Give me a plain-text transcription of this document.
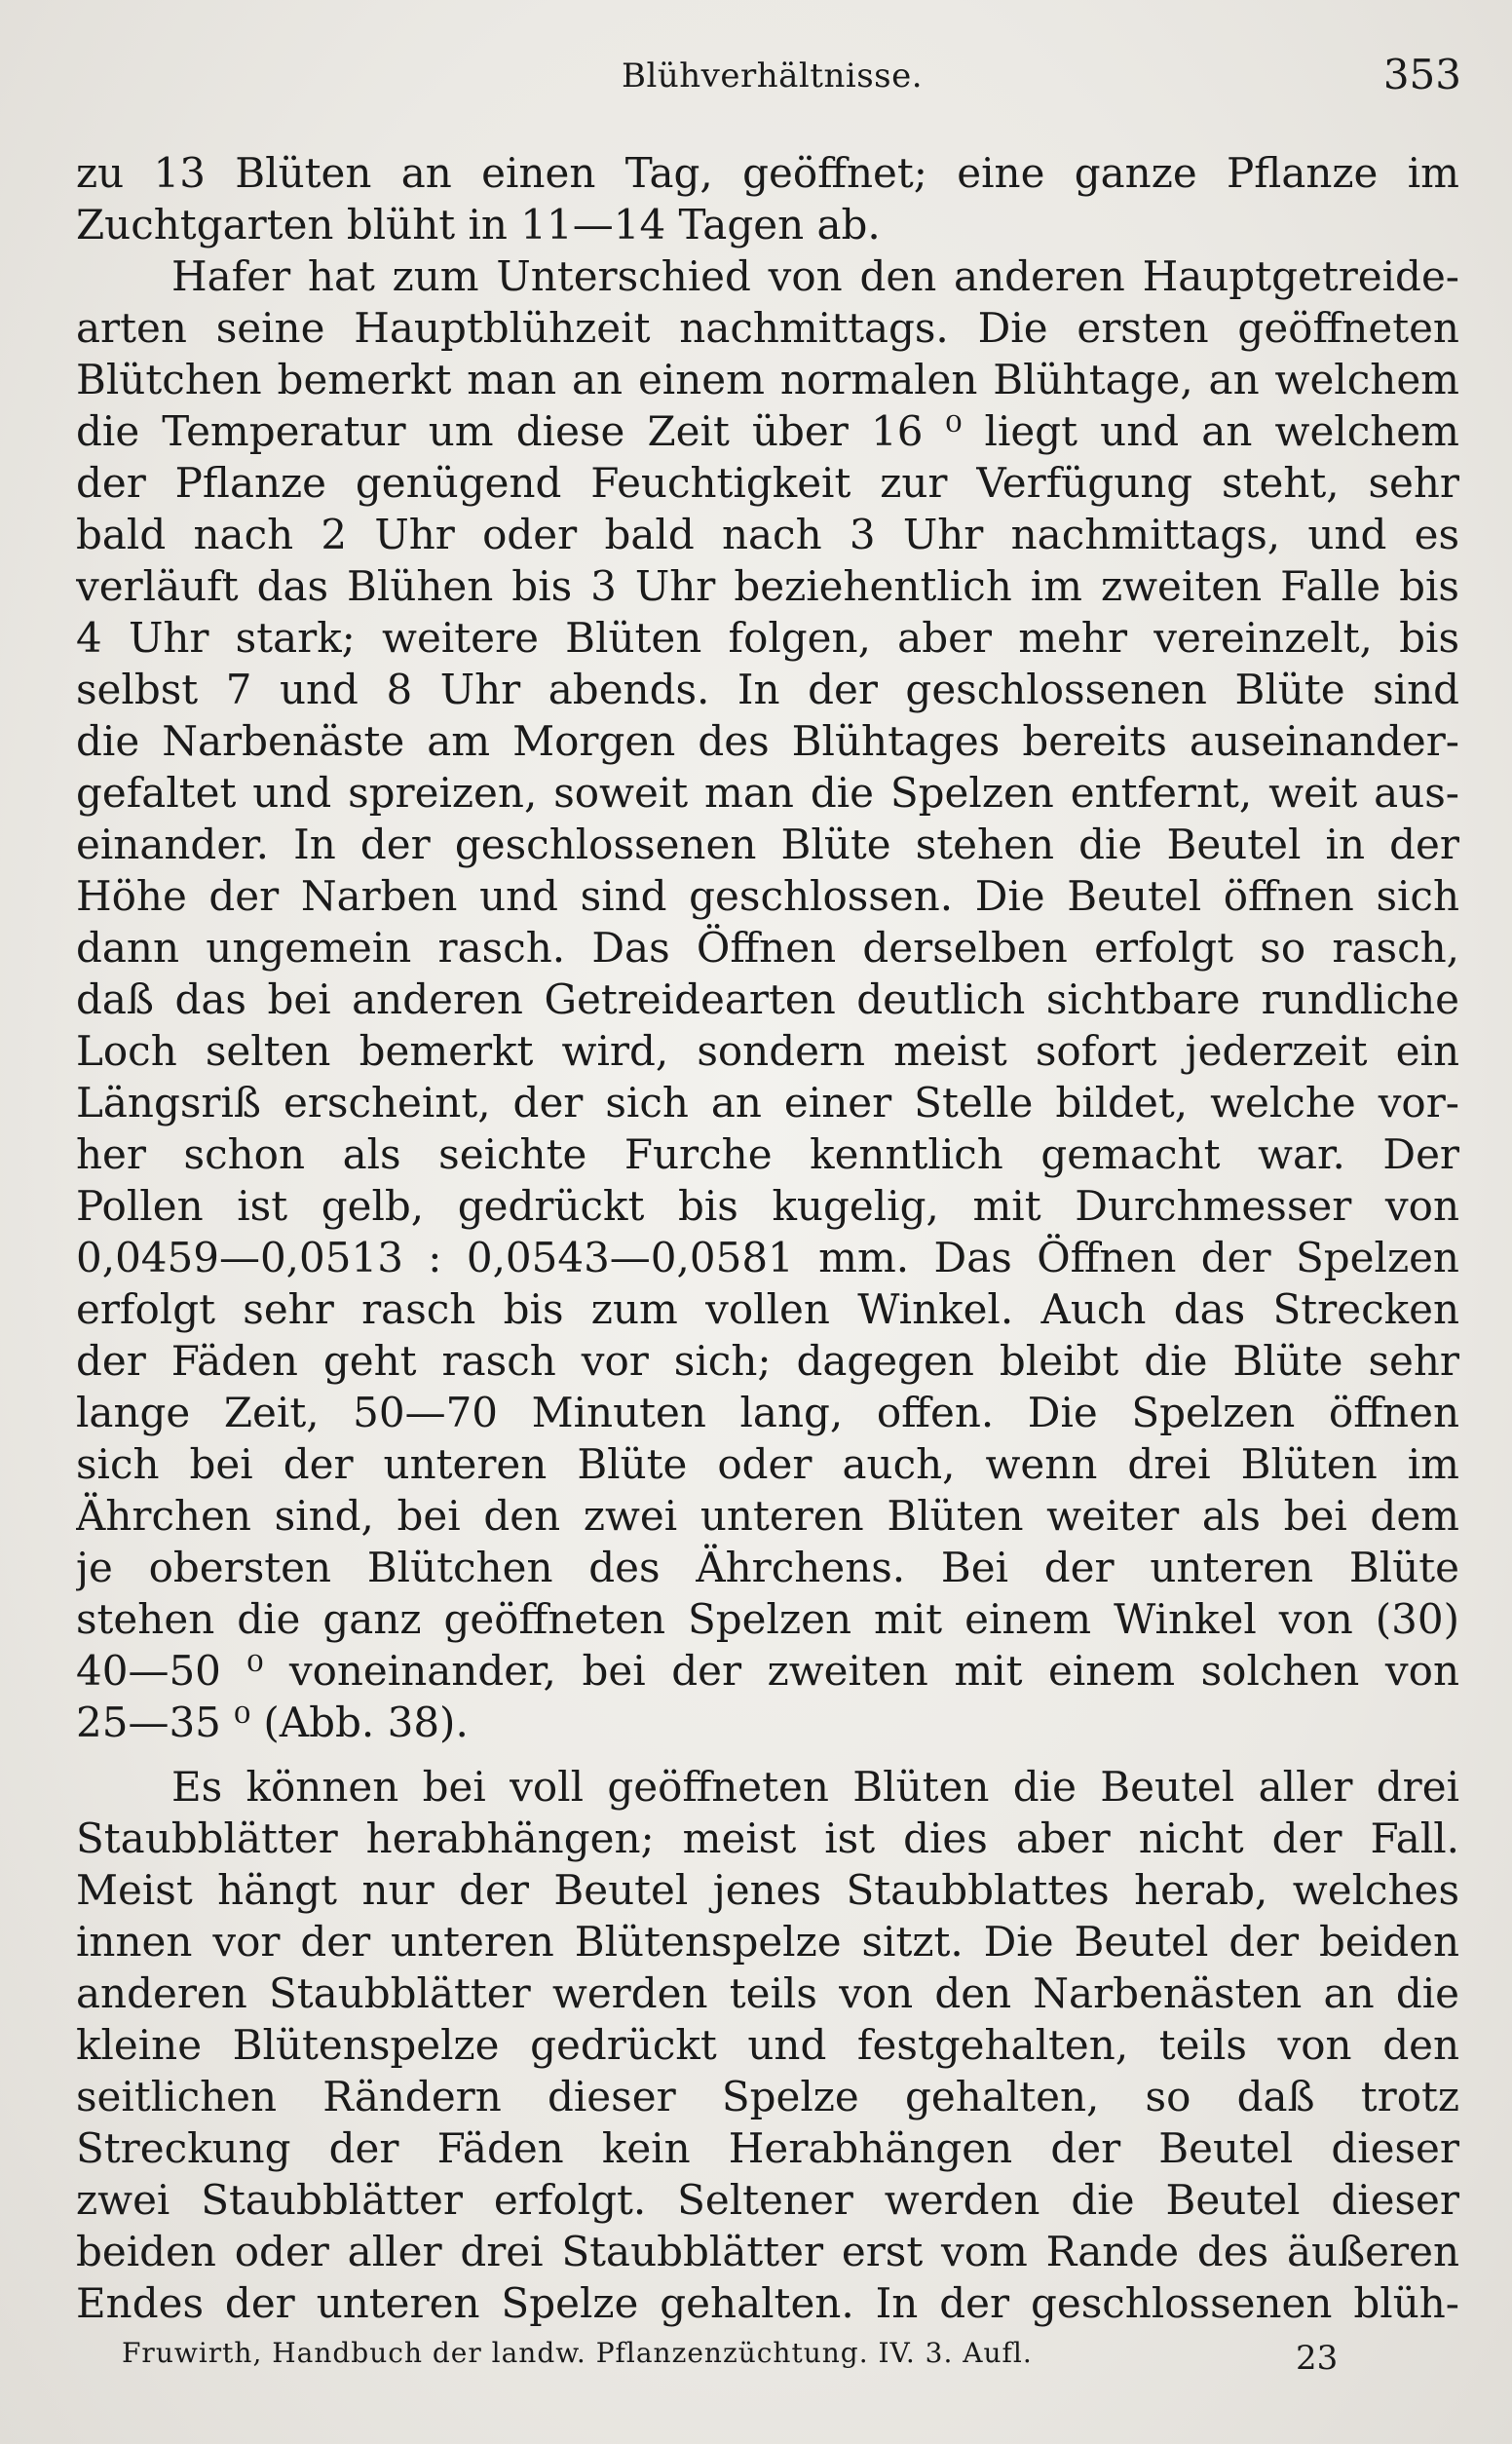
Blühverhältnisse.	353
zu 13 Blüten an einen Tag, geöffnet; eine ganze Pflanze im
Zuchtgarten blüht in 11—14 Tagen ab.
Hafer hat zum Unterschied von den anderen Hauptgetreide-
arten seine Hauptblühzeit nachmittags. Die ersten geöffneten
Blütchen bemerkt man an einem normalen Blühtage, an welchem
die Temperatur um diese Zeit über 16 ⁰ liegt und an welchem
der Pflanze genügend Feuchtigkeit zur Verfügung steht, sehr
bald nach 2 Uhr oder bald nach 3 Uhr nachmittags, und es
verläuft das Blühen bis 3 Uhr beziehentlich im zweiten Falle bis
4 Uhr stark; weitere Blüten folgen, aber mehr vereinzelt, bis
selbst 7 und 8 Uhr abends. In der geschlossenen Blüte sind
die Narbenäste am Morgen des Blühtages bereits auseinander-
gefaltet und spreizen, soweit man die Spelzen entfernt, weit aus-
einander. In der geschlossenen Blüte stehen die Beutel in der
Höhe der Narben und sind geschlossen. Die Beutel öffnen sich
dann ungemein rasch. Das Öffnen derselben erfolgt so rasch,
daß das bei anderen Getreidearten deutlich sichtbare rundliche
Loch selten bemerkt wird, sondern meist sofort jederzeit ein
Längsriß erscheint, der sich an einer Stelle bildet, welche vor-
her schon als seichte Furche kenntlich gemacht war. Der
Pollen ist gelb, gedrückt bis kugelig, mit Durchmesser von
0,0459—0,0513 : 0,0543—0,0581 mm. Das Öffnen der Spelzen
erfolgt sehr rasch bis zum vollen Winkel. Auch das Strecken
der Fäden geht rasch vor sich; dagegen bleibt die Blüte sehr
lange Zeit, 50—70 Minuten lang, offen. Die Spelzen öffnen
sich bei der unteren Blüte oder auch, wenn drei Blüten im
Ährchen sind, bei den zwei unteren Blüten weiter als bei dem
je obersten Blütchen des Ährchens. Bei der unteren Blüte
stehen die ganz geöffneten Spelzen mit einem Winkel von (30)
40—50 ⁰ voneinander, bei der zweiten mit einem solchen von
25—35 ⁰ (Abb. 38).
Es können bei voll geöffneten Blüten die Beutel aller drei
Staubblätter herabhängen; meist ist dies aber nicht der Fall.
Meist hängt nur der Beutel jenes Staubblattes herab, welches
innen vor der unteren Blütenspelze sitzt. Die Beutel der beiden
anderen Staubblätter werden teils von den Narbenästen an die
kleine Blütenspelze gedrückt und festgehalten, teils von den
seitlichen Rändern dieser Spelze gehalten, so daß trotz
Streckung der Fäden kein Herabhängen der Beutel dieser
zwei Staubblätter erfolgt. Seltener werden die Beutel dieser
beiden oder aller drei Staubblätter erst vom Rande des äußeren
Endes der unteren Spelze gehalten. In der geschlossenen blüh-
Fruwirth, Handbuch der landw. Pflanzenzüchtung. IV. 3. Aufl.	23
